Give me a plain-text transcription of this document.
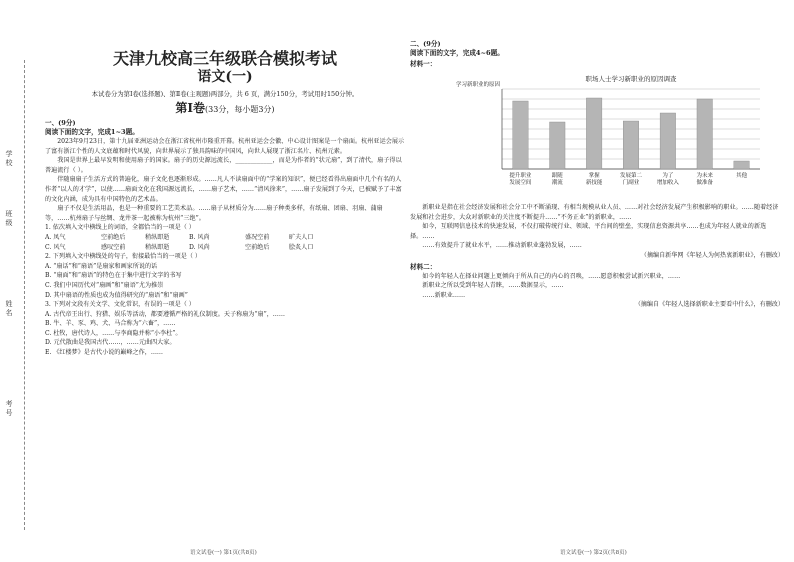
学校
班级
姓名
考号
天津九校高三年级联合模拟考试
语文(一)
本试卷分为第Ⅰ卷(选择题)、第Ⅱ卷(主观题)两部分，共 6 页，满分150分，考试用时150分钟。
第Ⅰ卷(33分，每小题3分)
一、(9分)
阅读下面的文字，完成1~3题。

2023年9月23日，第十九届亚洲运动会在浙江省杭州市隆重开幕。杭州亚运会会徽、中心设计图案是一个扇面。杭州亚运会展示了富有浙江个性的人文底蕴和时代风貌，向世界展示了独具韵味的中国风，向世人展现了浙江名片、杭州元素。

我国是世界上最早发明和使用扇子的国家。扇子的历史源远流长，____________，而是为作者的“状元扇”，到了清代，扇子得以普遍流行（ ）。

伴随扇扇子生活方式的普遍化，扇子文化也逐渐形成。……凡人不读扇面中的“学案的知识”，便已经看得出扇面中几个有名的人作者“以人的才学”，以使……扇面文化在我国源远流长，……扇子艺术，……“清风徐来”，……扇子发展到了今天，已被赋予了丰富的文化内涵，成为具有中国特色的艺术品。

扇子不仅是生活用品，也是一种重要的工艺美术品。……扇子从材质分为……扇子种类多样，有纸扇、团扇、羽扇、蒲扇等，……杭州扇子与丝绸、龙井茶一起被称为杭州“三绝”。

1. 依次填入文中横线上的词语，全都恰当的一项是（ ）

A. 凤气	空前绝后	稍纵即逝	B. 风尚	盛况空前	旷夫人口
C. 风气	感叹空前	稍纵即逝	D. 风尚	空前绝后	脍炙人口

2. 下列填入文中横线处的句子，衔接最恰当的一项是（ ）

A. “扇话”和“扇语”是扇家和画家所说的话

B. “扇面”和“扇语”的特色在于集中进行文字的书写

C. 我们中国历代对“扇画”和“扇语”尤为推崇

D. 其中扇语的性质也成为值得研究的“扇语”和“扇画”

3. 下列对文段有关文学、文化常识，有误的一项是（ ）

A. 古代帝王出行、狩猎、娱乐等活动，都要遵循严格的礼仪制度。天子称扇为“扇”，……

B. 牛、羊、豕、鸡、犬、马合称为“六畜”，……

C. 杜牧，唐代诗人，……与李商隐并称“小李杜”。

D. 元代散曲是我国古代……，……元曲四大家。

E. 《红楼梦》是古代小说的巅峰之作，……

语文试卷(一) 第1页(共8页)
二、(9分)
阅读下面的文字，完成4~6题。
材料一：
职场人士学习新职业的原因调查
学习新职业的原因
提升职业
发展空间
跟随
潮流
掌握
新技能
发展第二
门副业
为了
增加收入
为未来
做准备
其他

新职业是指在社会经济发展和社会分工中不断涌现、有相当规模从业人员、……对社会经济发展产生积极影响的职业。……随着经济发展和社会进步，大众对新职业的关注度不断提升……“不务正业”的新职业，……

如今，互联网信息技术的快速发展，不仅打破传统行业、领域、平台间的壁垒，实现信息资源共享……也成为年轻人就业的新选择。……

……有效提升了就业水平，……推动新职业蓬勃发展，……

（摘编自新华网《年轻人为何热衷新职业》，有删改）

材料二：

如今的年轻人在择业问题上更倾向于所从自己的内心的召唤，……愿意积极尝试新兴职业，……

新职业之所以受到年轻人青睐，……数据显示，……

……新职业……

（摘编自《年轻人选择新职业主要看中什么》，有删改）

语文试卷(一) 第2页(共8页)
